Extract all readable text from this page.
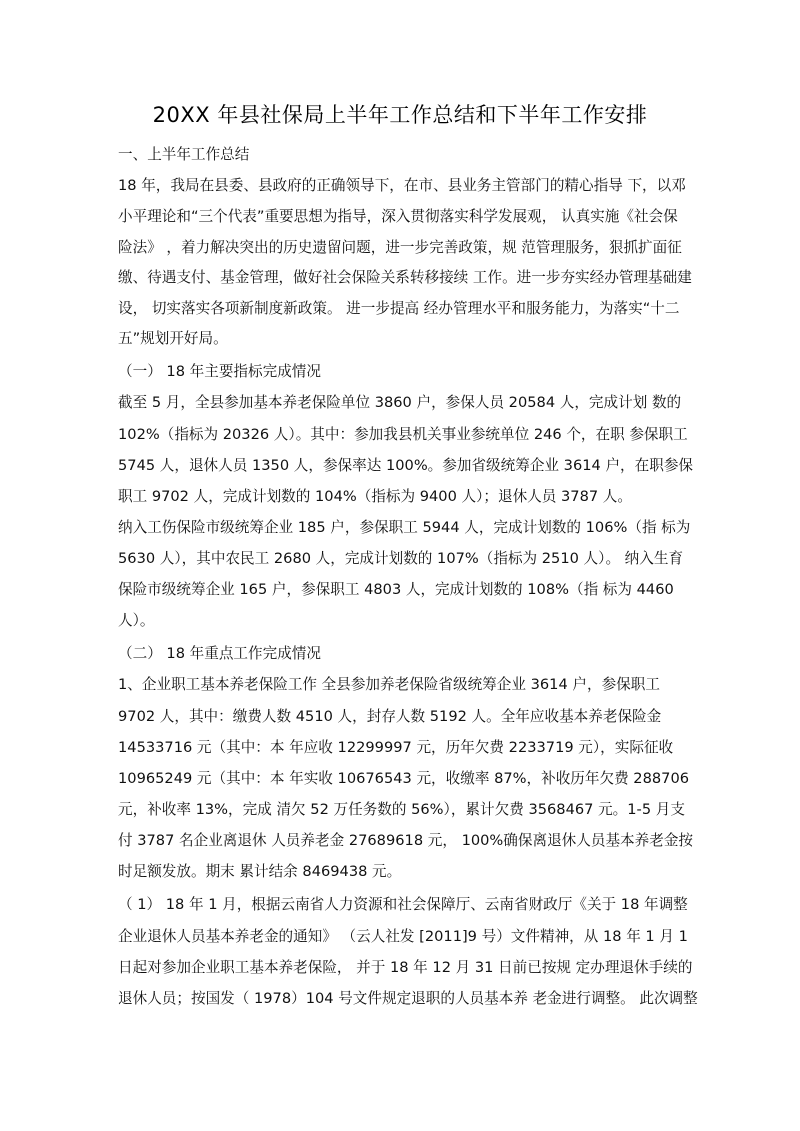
20XX 年县社保局上半年工作总结和下半年工作安排
一、上半年工作总结
18 年，我局在县委、县政府的正确领导下，在市、县业务主管部门的精心指导 下，以邓
小平理论和“三个代表”重要思想为指导，深入贯彻落实科学发展观， 认真实施《社会保
险法》 ，着力解决突出的历史遗留问题，进一步完善政策，规 范管理服务，狠抓扩面征
缴、待遇支付、基金管理，做好社会保险关系转移接续 工作。进一步夯实经办管理基础建
设， 切实落实各项新制度新政策。 进一步提高 经办管理水平和服务能力，为落实“十二
五”规划开好局。
（一） 18 年主要指标完成情况
截至 5 月，全县参加基本养老保险单位 3860 户，参保人员 20584 人，完成计划 数的
102%（指标为 20326 人）。其中：参加我县机关事业参统单位 246 个，在职 参保职工
5745 人，退休人员 1350 人，参保率达 100%。参加省级统筹企业 3614 户，在职参保
职工 9702 人，完成计划数的 104%（指标为 9400 人）；退休人员 3787 人。
纳入工伤保险市级统筹企业 185 户，参保职工 5944 人，完成计划数的 106%（指 标为
5630 人），其中农民工 2680 人，完成计划数的 107%（指标为 2510 人）。 纳入生育
保险市级统筹企业 165 户，参保职工 4803 人，完成计划数的 108%（指 标为 4460
人）。
（二） 18 年重点工作完成情况
1、企业职工基本养老保险工作 全县参加养老保险省级统筹企业 3614 户，参保职工
9702 人，其中：缴费人数 4510 人，封存人数 5192 人。全年应收基本养老保险金
14533716 元（其中：本 年应收 12299997 元，历年欠费 2233719 元），实际征收
10965249 元（其中：本 年实收 10676543 元，收缴率 87%，补收历年欠费 288706
元，补收率 13%，完成 清欠 52 万任务数的 56%），累计欠费 3568467 元。1-5 月支
付 3787 名企业离退休 人员养老金 27689618 元， 100%确保离退休人员基本养老金按
时足额发放。期末 累计结余 8469438 元。
（ 1） 18 年 1 月，根据云南省人力资源和社会保障厅、云南省财政厅《关于 18 年调整
企业退休人员基本养老金的通知》 （云人社发 [2011]9 号）文件精神，从 18 年 1 月 1
日起对参加企业职工基本养老保险， 并于 18 年 12 月 31 日前已按规 定办理退休手续的
退休人员；按国发（ 1978）104 号文件规定退职的人员基本养 老金进行调整。 此次调整
